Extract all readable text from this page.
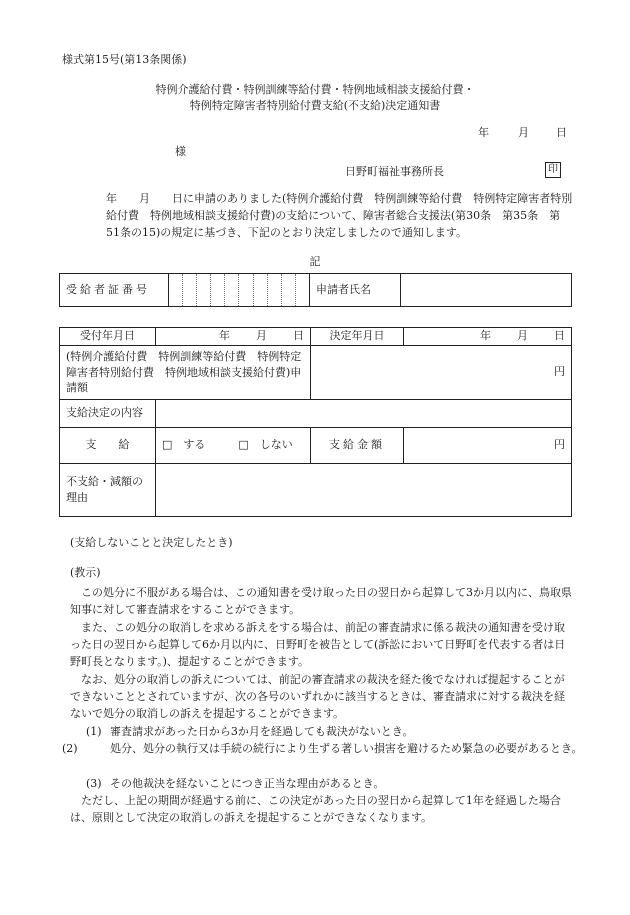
様式第15号(第13条関係)
特例介護給付費・特例訓練等給付費・特例地域相談支援給付費・
特例特定障害者特別給付費支給(不支給)決定通知書
年	月 日
様
日野町福祉事務所長	印
年　　月　　日に申請のありました(特例介護給付費　特例訓練等給付費　特例特定障害者特別給付費　特例地域相談支援給付費)の支給について、障害者総合支援法(第30条　第35条　第51条の15)の規定に基づき、下記のとおり決定しましたので通知します。
記
受給者証番号		申請者氏名	
受付年月日	年 月 日	決定年月日	年 月 日
(特例介護給付費　特例訓練等給付費　特例特定障害者特別給付費　特例地域相談支援給付費)申請額		円	
支給決定の内容			
支　　給	□　する □　しない	支給金額	円
不支給・減額の理由			
(支給しないことと決定したとき)
(教示)
この処分に不服がある場合は、この通知書を受け取った日の翌日から起算して3か月以内に、鳥取県知事に対して審査請求をすることができます。
また、この処分の取消しを求める訴えをする場合は、前記の審査請求に係る裁決の通知書を受け取った日の翌日から起算して6か月以内に、日野町を被告として(訴訟において日野町を代表する者は日野町長となります。)、提起することができます。
なお、処分の取消しの訴えについては、前記の審査請求の裁決を経た後でなければ提起することができないこととされていますが、次の各号のいずれかに該当するときは、審査請求に対する裁決を経ないで処分の取消しの訴えを提起することができます。
(1) 審査請求があった日から3か月を経過しても裁決がないとき。
(2)	処分、処分の執行又は手続の続行により生ずる著しい損害を避けるため緊急の必要があるとき。
(3) その他裁決を経ないことにつき正当な理由があるとき。
ただし、上記の期間が経過する前に、この決定があった日の翌日から起算して1年を経過した場合は、原則として決定の取消しの訴えを提起することができなくなります。
